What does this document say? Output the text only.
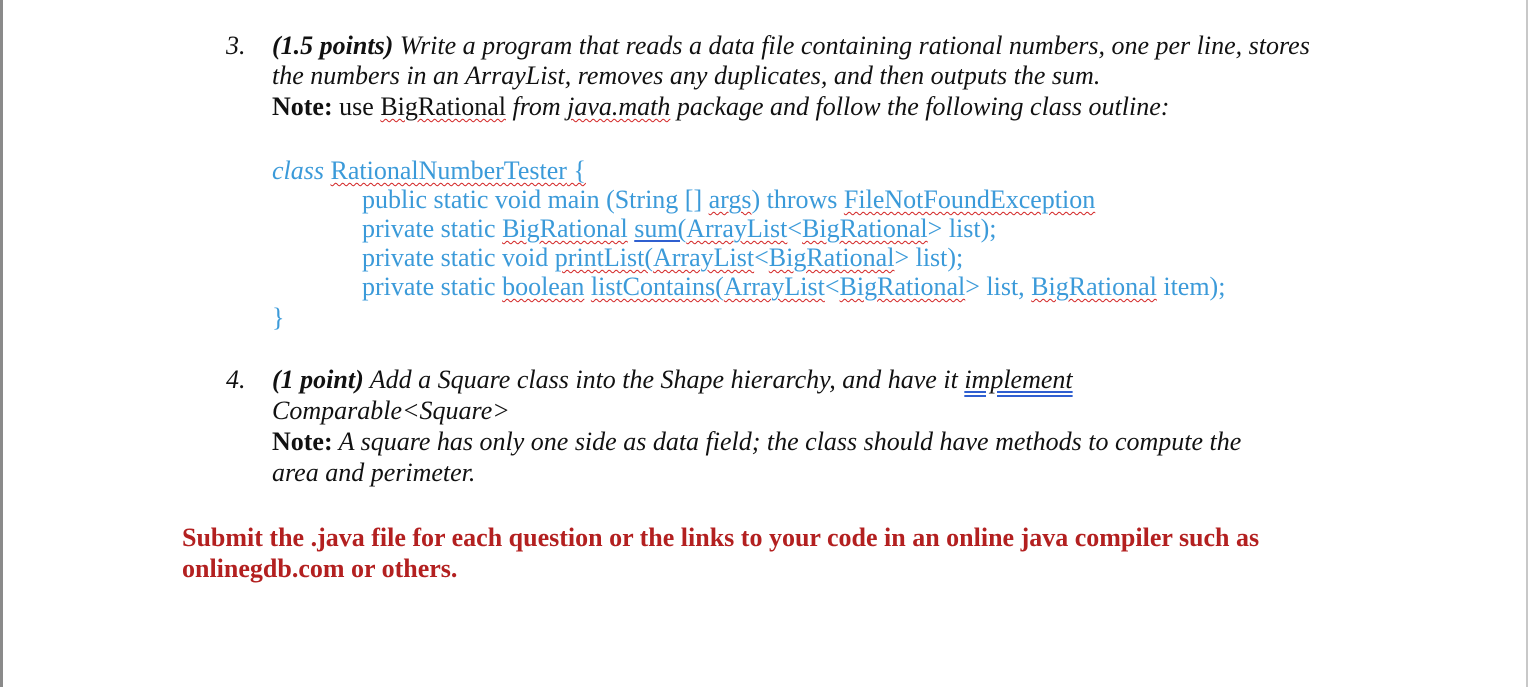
3. (1.5 points) Write a program that reads a data file containing rational numbers, one per line, stores
the numbers in an ArrayList, removes any duplicates, and then outputs the sum.
Note: use BigRational from java.math package and follow the following class outline:
class RationalNumberTester {
public static void main (String [] args) throws FileNotFoundException
private static BigRational sum(ArrayList<BigRational> list);
private static void printList(ArrayList<BigRational> list);
private static boolean listContains(ArrayList<BigRational> list, BigRational item);
}
4. (1 point) Add a Square class into the Shape hierarchy, and have it implement
Comparable<Square>
Note: A square has only one side as data field; the class should have methods to compute the
area and perimeter.
Submit the .java file for each question or the links to your code in an online java compiler such as
onlinegdb.com or others.
